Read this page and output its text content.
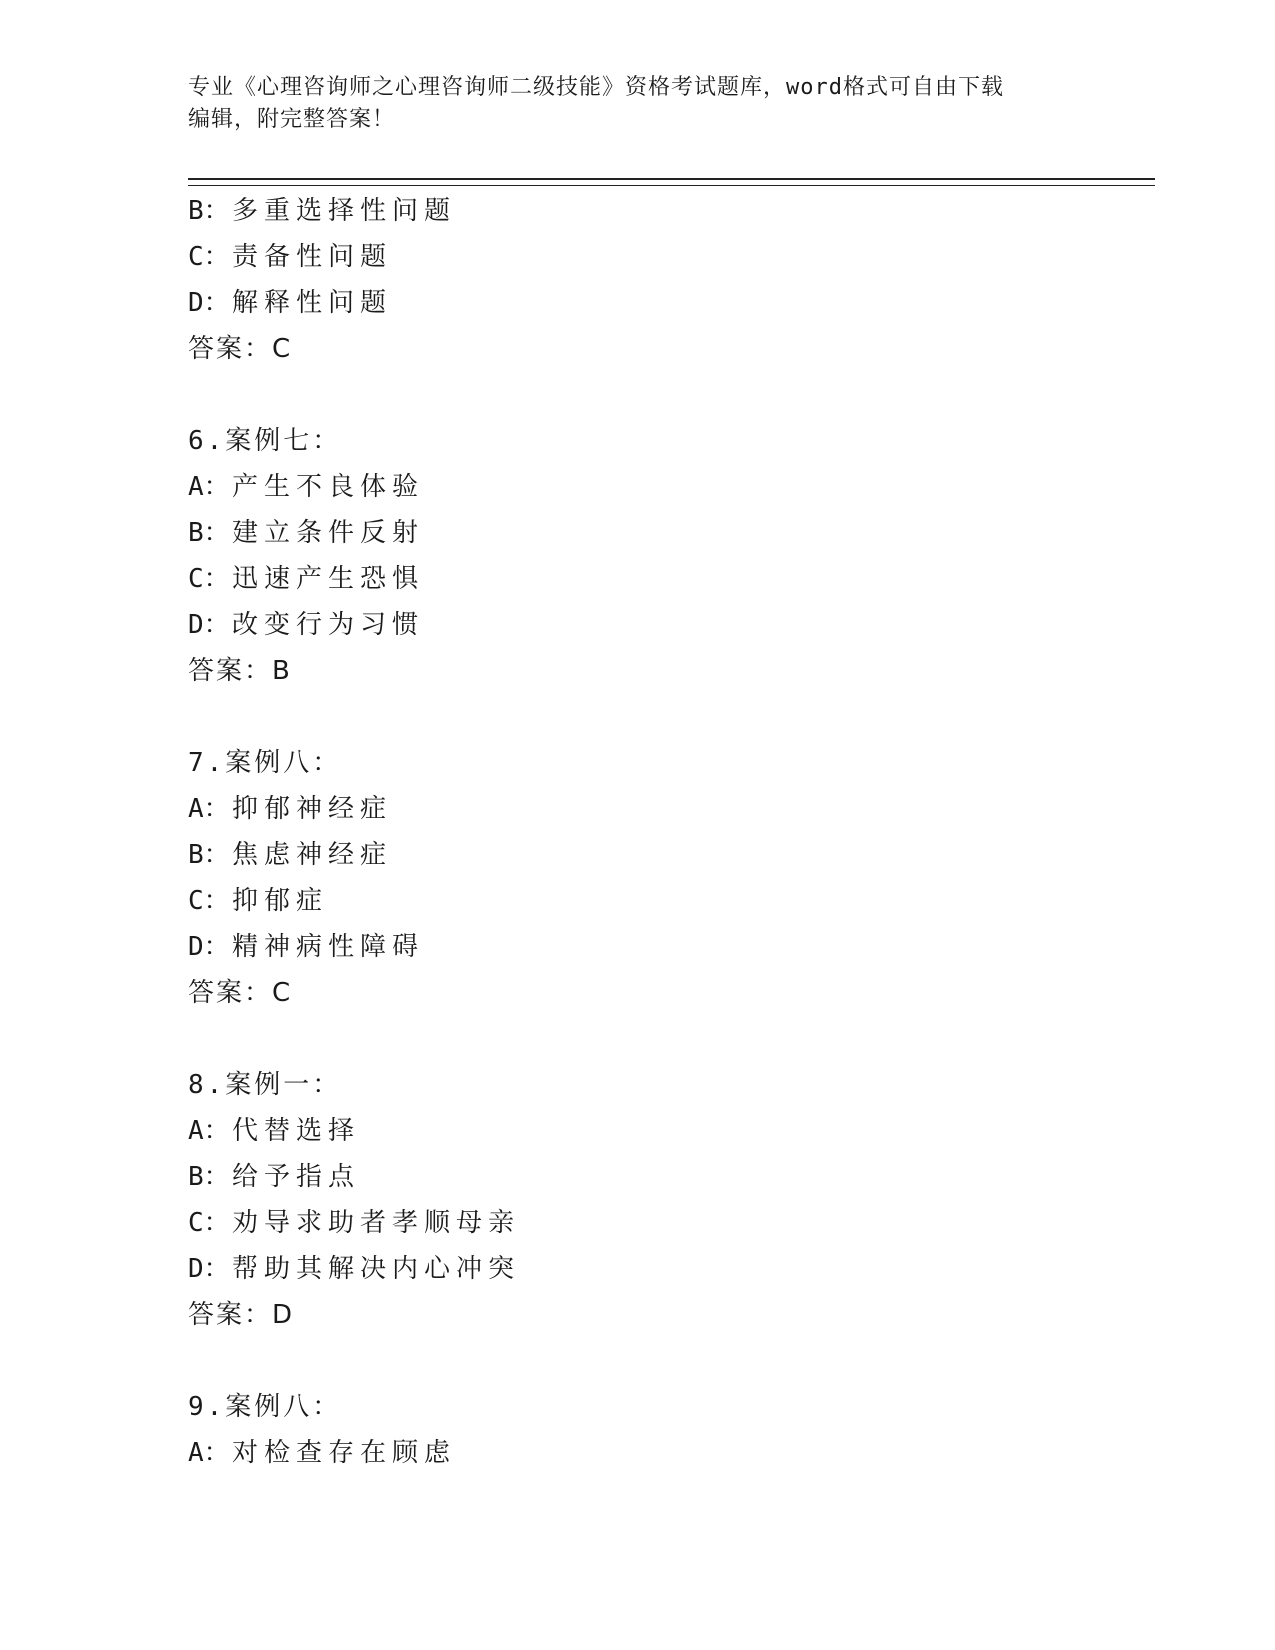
专业《心理咨询师之心理咨询师二级技能》资格考试题库，word格式可自由下载
编辑，附完整答案！
B：多重选择性问题
C：责备性问题
D：解释性问题
答案：C
6.案例七：
A：产生不良体验
B：建立条件反射
C：迅速产生恐惧
D：改变行为习惯
答案：B
7.案例八：
A：抑郁神经症
B：焦虑神经症
C：抑郁症
D：精神病性障碍
答案：C
8.案例一：
A：代替选择
B：给予指点
C：劝导求助者孝顺母亲
D：帮助其解决内心冲突
答案：D
9.案例八：
A：对检查存在顾虑
